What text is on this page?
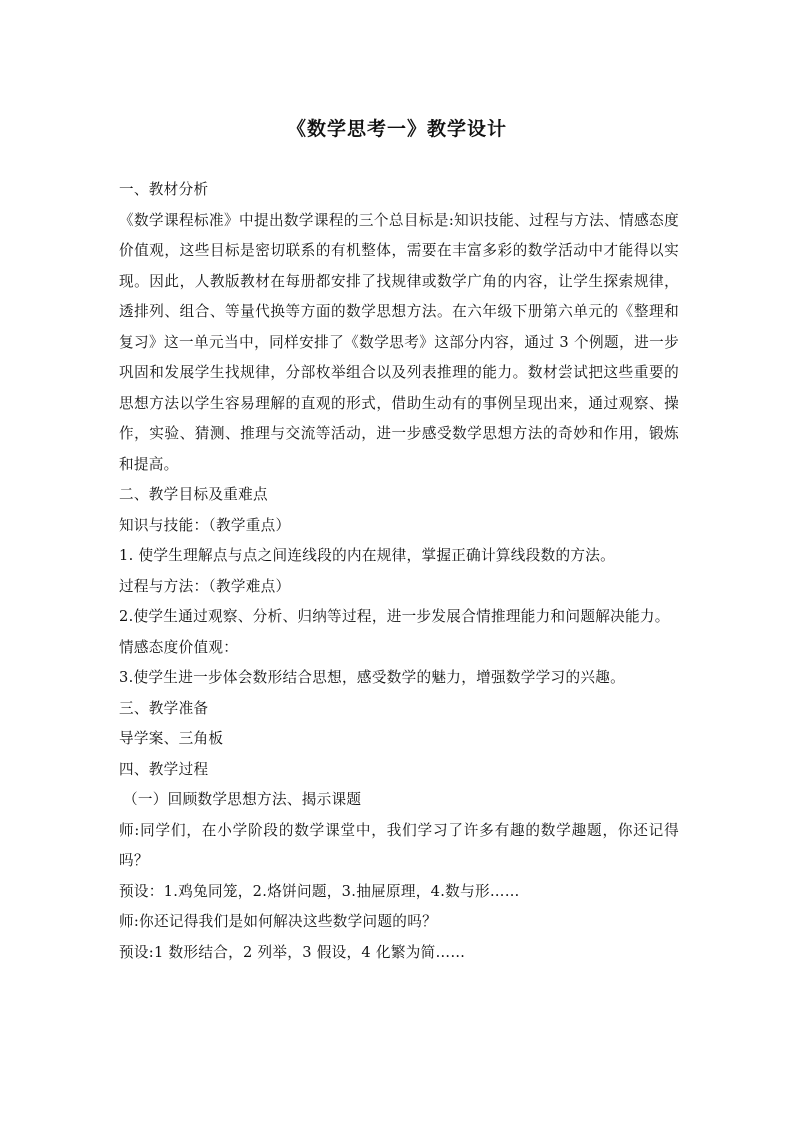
《数学思考一》教学设计

一、教材分析

《数学课程标准》中提出数学课程的三个总目标是:知识技能、过程与方法、情感态度价值观，这些目标是密切联系的有机整体，需要在丰富多彩的数学活动中才能得以实现。因此，人教版教材在每册都安排了找规律或数学广角的内容，让学生探索规律，透排列、组合、等量代换等方面的数学思想方法。在六年级下册第六单元的《整理和复习》这一单元当中，同样安排了《数学思考》这部分内容，通过 3 个例题，进一步巩固和发展学生找规律，分部枚举组合以及列表推理的能力。数材尝试把这些重要的思想方法以学生容易理解的直观的形式，借助生动有的事例呈现出来，通过观察、操作，实验、猜测、推理与交流等活动，进一步感受数学思想方法的奇妙和作用，锻炼和提高。

二、教学目标及重难点

知识与技能：（教学重点）

1. 使学生理解点与点之间连线段的内在规律，掌握正确计算线段数的方法。

过程与方法：（教学难点）

2.使学生通过观察、分析、归纳等过程，进一步发展合情推理能力和问题解决能力。

情感态度价值观：

3.使学生进一步体会数形结合思想，感受数学的魅力，增强数学学习的兴趣。

三、教学准备

导学案、三角板

四、教学过程

（一）回顾数学思想方法、揭示课题

师:同学们，在小学阶段的数学课堂中，我们学习了许多有趣的数学趣题，你还记得吗？

预设：1.鸡兔同笼，2.烙饼问题，3.抽屉原理，4.数与形……

师:你还记得我们是如何解决这些数学问题的吗？

预设:1 数形结合，2 列举，3 假设，4 化繁为简……
